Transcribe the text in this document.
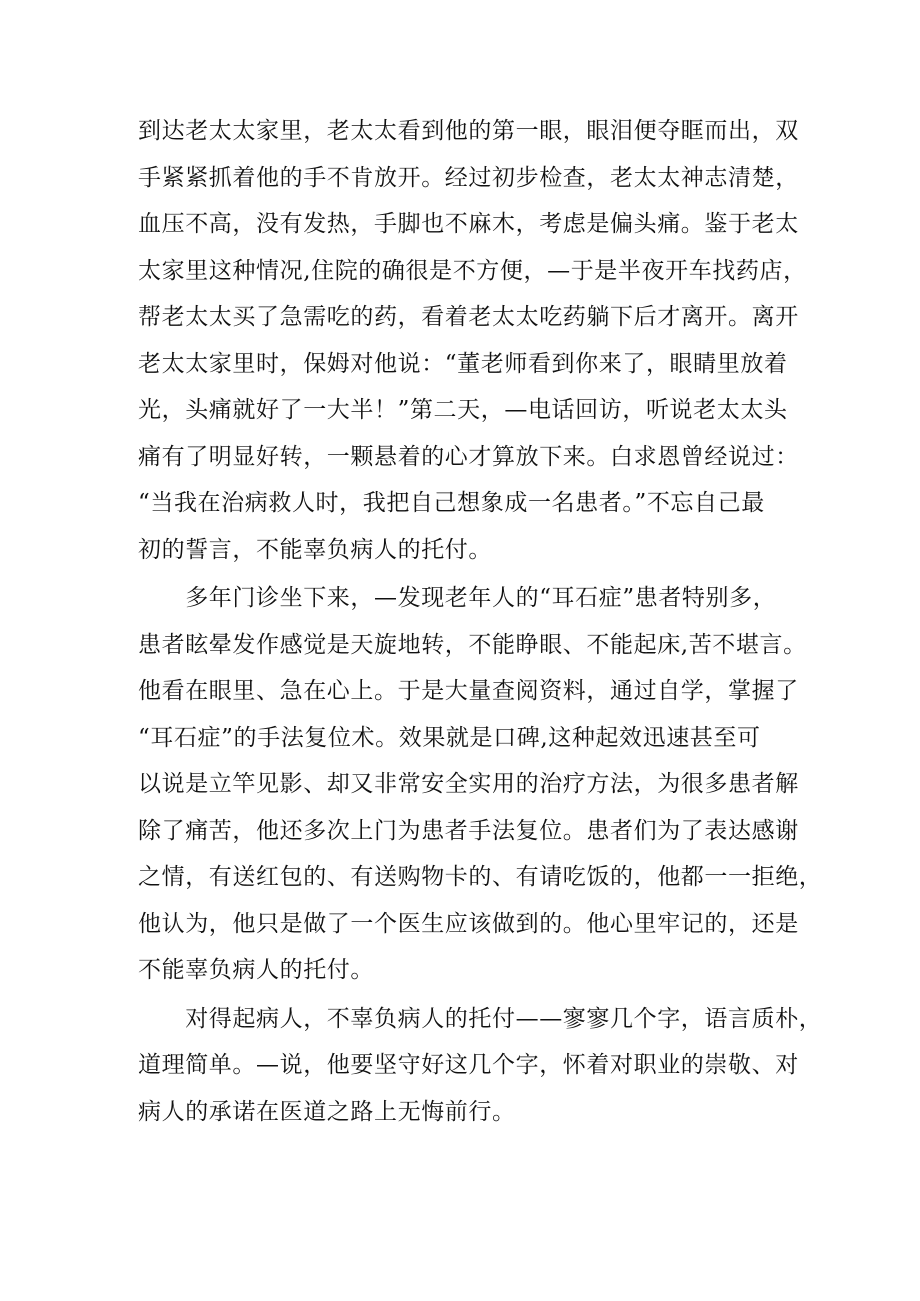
到达老太太家里，老太太看到他的第一眼，眼泪便夺眶而出，双
手紧紧抓着他的手不肯放开。经过初步检查，老太太神志清楚，
血压不高，没有发热，手脚也不麻木，考虑是偏头痛。鉴于老太
太家里这种情况,住院的确很是不方便，—于是半夜开车找药店，
帮老太太买了急需吃的药，看着老太太吃药躺下后才离开。离开
老太太家里时，保姆对他说：“董老师看到你来了，眼睛里放着
光，头痛就好了一大半！”第二天，—电话回访，听说老太太头
痛有了明显好转，一颗悬着的心才算放下来。白求恩曾经说过：
“当我在治病救人时，我把自己想象成一名患者。”不忘自己最
初的誓言，不能辜负病人的托付。
　　多年门诊坐下来，—发现老年人的“耳石症”患者特别多，
患者眩晕发作感觉是天旋地转，不能睁眼、不能起床,苦不堪言。
他看在眼里、急在心上。于是大量查阅资料，通过自学，掌握了
“耳石症”的手法复位术。效果就是口碑,这种起效迅速甚至可
以说是立竿见影、却又非常安全实用的治疗方法，为很多患者解
除了痛苦，他还多次上门为患者手法复位。患者们为了表达感谢
之情，有送红包的、有送购物卡的、有请吃饭的，他都一一拒绝，
他认为，他只是做了一个医生应该做到的。他心里牢记的，还是
不能辜负病人的托付。
　　对得起病人，不辜负病人的托付——寥寥几个字，语言质朴，
道理简单。—说，他要坚守好这几个字，怀着对职业的崇敬、对
病人的承诺在医道之路上无悔前行。
